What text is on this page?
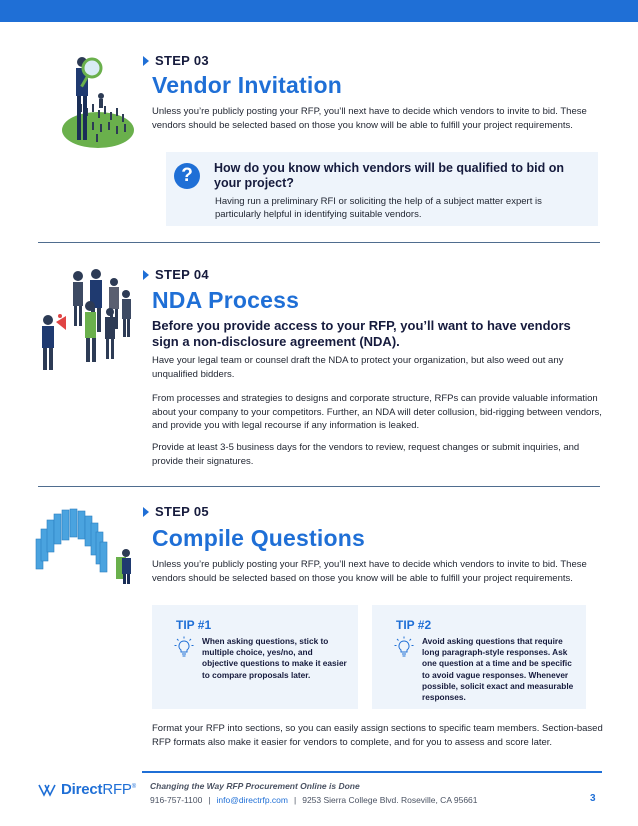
STEP 03
Vendor Invitation
Unless you’re publicly posting your RFP, you’ll next have to decide which vendors to invite to bid. These vendors should be selected based on those you know will be able to fulfill your project requirements.
?	How do you know which vendors will be qualified to bid on your project?
Having run a preliminary RFI or soliciting the help of a subject matter expert is particularly helpful in identifying suitable vendors.
STEP 04
NDA Process
Before you provide access to your RFP, you’ll want to have vendors sign a non-disclosure agreement (NDA).
Have your legal team or counsel draft the NDA to protect your organization, but also weed out any unqualified bidders.
From processes and strategies to designs and corporate structure, RFPs can provide valuable information about your company to your competitors. Further, an NDA will deter collusion, bid-rigging between vendors, and provide you with legal recourse if any information is leaked.
Provide at least 3-5 business days for the vendors to review, request changes or submit inquiries, and provide their signatures.
STEP 05
Compile Questions
Unless you’re publicly posting your RFP, you’ll next have to decide which vendors to invite to bid. These vendors should be selected based on those you know will be able to fulfill your project requirements.
TIP #1
When asking questions, stick to multiple choice, yes/no, and objective questions to make it easier to compare proposals later.
TIP #2
Avoid asking questions that require long paragraph-style responses. Ask one question at a time and be specific to avoid vague responses. Whenever possible, solicit exact and measurable responses.
Format your RFP into sections, so you can easily assign sections to specific team members. Section-based RFP formats also make it easier for vendors to complete, and for you to assess and score later.
DirectRFP® Changing the Way RFP Procurement Online is Done
916-757-1100 | info@directrfp.com | 9253 Sierra College Blvd. Roseville, CA 95661	3
